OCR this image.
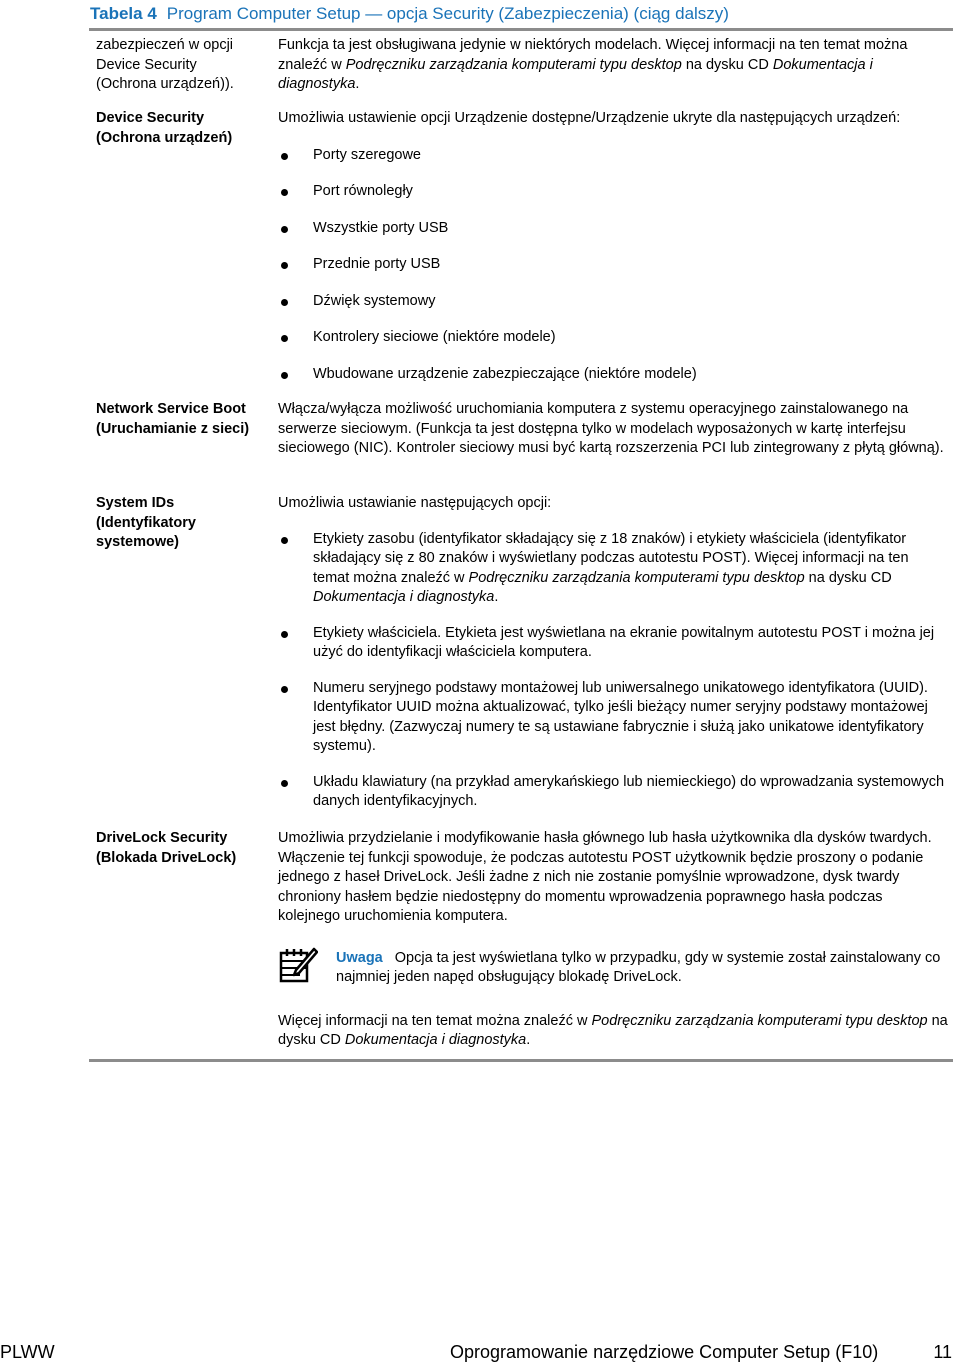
Tabela 4 Program Computer Setup — opcja Security (Zabezpieczenia) (ciąg dalszy)
zabezpieczeń w opcji Device Security (Ochrona urządzeń)).

Funkcja ta jest obsługiwana jedynie w niektórych modelach. Więcej informacji na ten temat można znaleźć w Podręczniku zarządzania komputerami typu desktop na dysku CD Dokumentacja i diagnostyka.

Device Security (Ochrona urządzeń)

Umożliwia ustawienie opcji Urządzenie dostępne/Urządzenie ukryte dla następujących urządzeń:

Porty szeregowe
Port równoległy
Wszystkie porty USB
Przednie porty USB
Dźwięk systemowy
Kontrolery sieciowe (niektóre modele)
Wbudowane urządzenie zabezpieczające (niektóre modele)
Network Service Boot (Uruchamianie z sieci)
Włącza/wyłącza możliwość uruchomiania komputera z systemu operacyjnego zainstalowanego na serwerze sieciowym. (Funkcja ta jest dostępna tylko w modelach wyposażonych w kartę interfejsu sieciowego (NIC). Kontroler sieciowy musi być kartą rozszerzenia PCI lub zintegrowany z płytą główną).
System IDs (Identyfikatory systemowe)

Umożliwia ustawianie następujących opcji:

Etykiety zasobu (identyfikator składający się z 18 znaków) i etykiety właściciela (identyfikator składający się z 80 znaków i wyświetlany podczas autotestu POST). Więcej informacji na ten temat można znaleźć w Podręczniku zarządzania komputerami typu desktop na dysku CD Dokumentacja i diagnostyka.
Etykiety właściciela. Etykieta jest wyświetlana na ekranie powitalnym autotestu POST i można jej użyć do identyfikacji właściciela komputera.
Numeru seryjnego podstawy montażowej lub uniwersalnego unikatowego identyfikatora (UUID). Identyfikator UUID można aktualizować, tylko jeśli bieżący numer seryjny podstawy montażowej jest błędny. (Zazwyczaj numery te są ustawiane fabrycznie i służą jako unikatowe identyfikatory systemu).
Układu klawiatury (na przykład amerykańskiego lub niemieckiego) do wprowadzania systemowych danych identyfikacyjnych.
DriveLock Security (Blokada DriveLock)

Umożliwia przydzielanie i modyfikowanie hasła głównego lub hasła użytkownika dla dysków twardych. Włączenie tej funkcji spowoduje, że podczas autotestu POST użytkownik będzie proszony o podanie jednego z haseł DriveLock. Jeśli żadne z nich nie zostanie pomyślnie wprowadzone, dysk twardy chroniony hasłem będzie niedostępny do momentu wprowadzenia poprawnego hasła podczas kolejnego uruchomienia komputera.

Uwaga Opcja ta jest wyświetlana tylko w przypadku, gdy w systemie został zainstalowany co najmniej jeden napęd obsługujący blokadę DriveLock.

Więcej informacji na ten temat można znaleźć w Podręczniku zarządzania komputerami typu desktop na dysku CD Dokumentacja i diagnostyka.

PLWW	Oprogramowanie narzędziowe Computer Setup (F10)	11
